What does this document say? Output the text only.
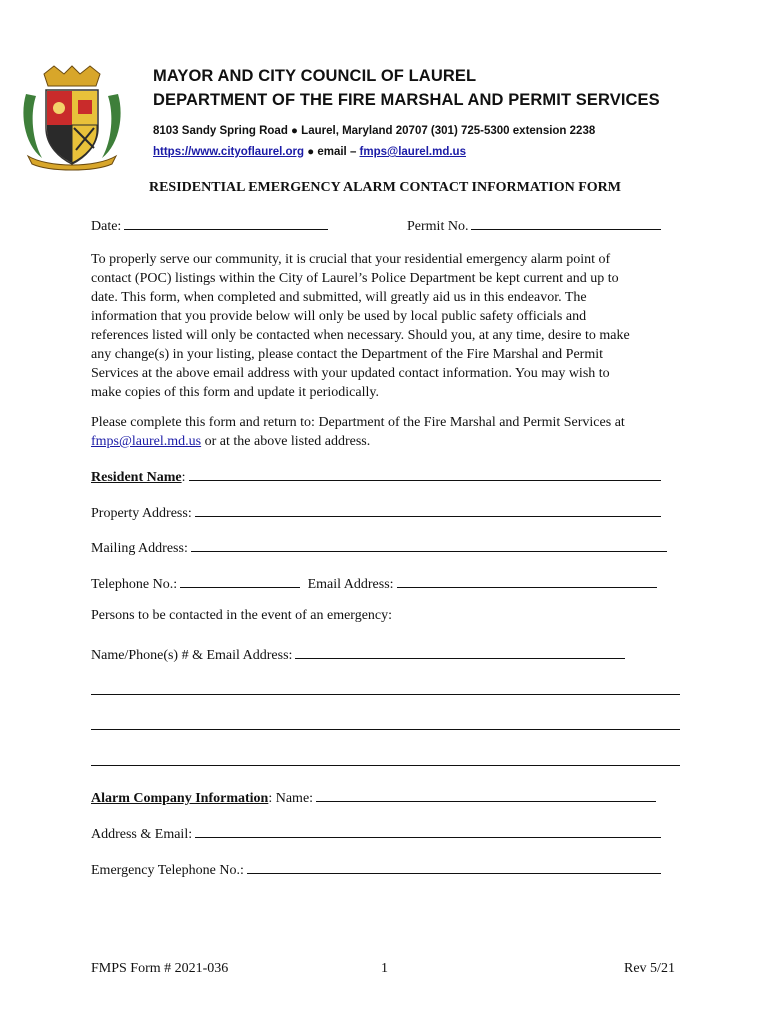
MAYOR AND CITY COUNCIL OF LAUREL
DEPARTMENT OF THE FIRE MARSHAL AND PERMIT SERVICES
8103 Sandy Spring Road ● Laurel, Maryland 20707 (301) 725-5300 extension 2238
https://www.cityoflaurel.org ● email – fmps@laurel.md.us
RESIDENTIAL EMERGENCY ALARM CONTACT INFORMATION FORM
Date:	Permit No.
To properly serve our community, it is crucial that your residential emergency alarm point of
contact (POC) listings within the City of Laurel’s Police Department be kept current and up to
date. This form, when completed and submitted, will greatly aid us in this endeavor. The
information that you provide below will only be used by local public safety officials and
references listed will only be contacted when necessary. Should you, at any time, desire to make
any change(s) in your listing, please contact the Department of the Fire Marshal and Permit
Services at the above email address with your updated contact information. You may wish to
make copies of this form and update it periodically.
Please complete this form and return to: Department of the Fire Marshal and Permit Services at
fmps@laurel.md.us or at the above listed address.
Resident Name:
Property Address:
Mailing Address:
Telephone No.:	Email Address:
Persons to be contacted in the event of an emergency:
Name/Phone(s) # & Email Address:
Alarm Company Information: Name:
Address & Email:
Emergency Telephone No.:
FMPS Form # 2021-036	1	Rev 5/21
